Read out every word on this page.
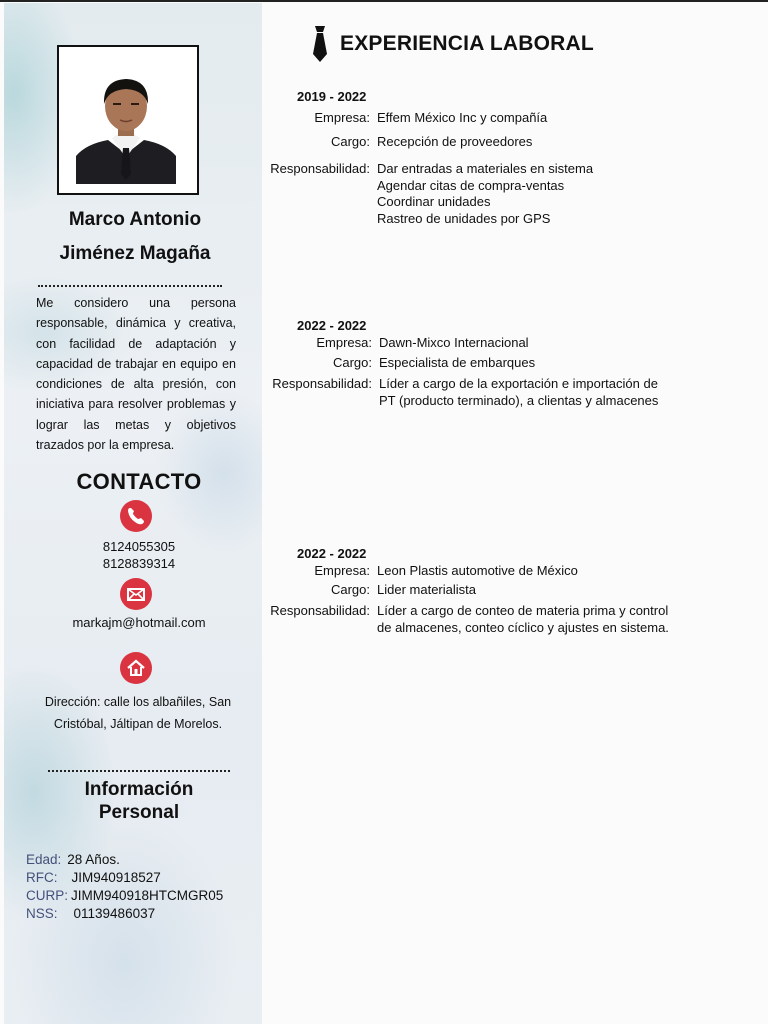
Marco Antonio
Jiménez Magaña

Me considero una persona responsable, dinámica y creativa, con facilidad de adaptación y capacidad de trabajar en equipo en condiciones de alta presión, con iniciativa para resolver problemas y lograr las metas y objetivos trazados por la empresa.

CONTACTO
8124055305
8128839314
markajm@hotmail.com
Dirección: calle los albañiles, San
Cristóbal, Jáltipan de Morelos.
Información
Personal
Edad: 28 Años.
RFC: JIM940918527
CURP: JIMM940918HTCMGR05
NSS: 01139486037
EXPERIENCIA LABORAL
2019 - 2022
Empresa: Effem México Inc y compañía
Cargo: Recepción de proveedores
Responsabilidad: Dar entradas a materiales en sistema
Agendar citas de compra-ventas
Coordinar unidades
Rastreo de unidades por GPS
2022 - 2022
Empresa: Dawn-Mixco Internacional
Cargo: Especialista de embarques
Responsabilidad: Líder a cargo de la exportación e importación de
PT (producto terminado), a clientas y almacenes
2022 - 2022
Empresa: Leon Plastis automotive de México
Cargo: Lider materialista
Responsabilidad: Líder a cargo de conteo de materia prima y control
de almacenes, conteo cíclico y ajustes en sistema.
